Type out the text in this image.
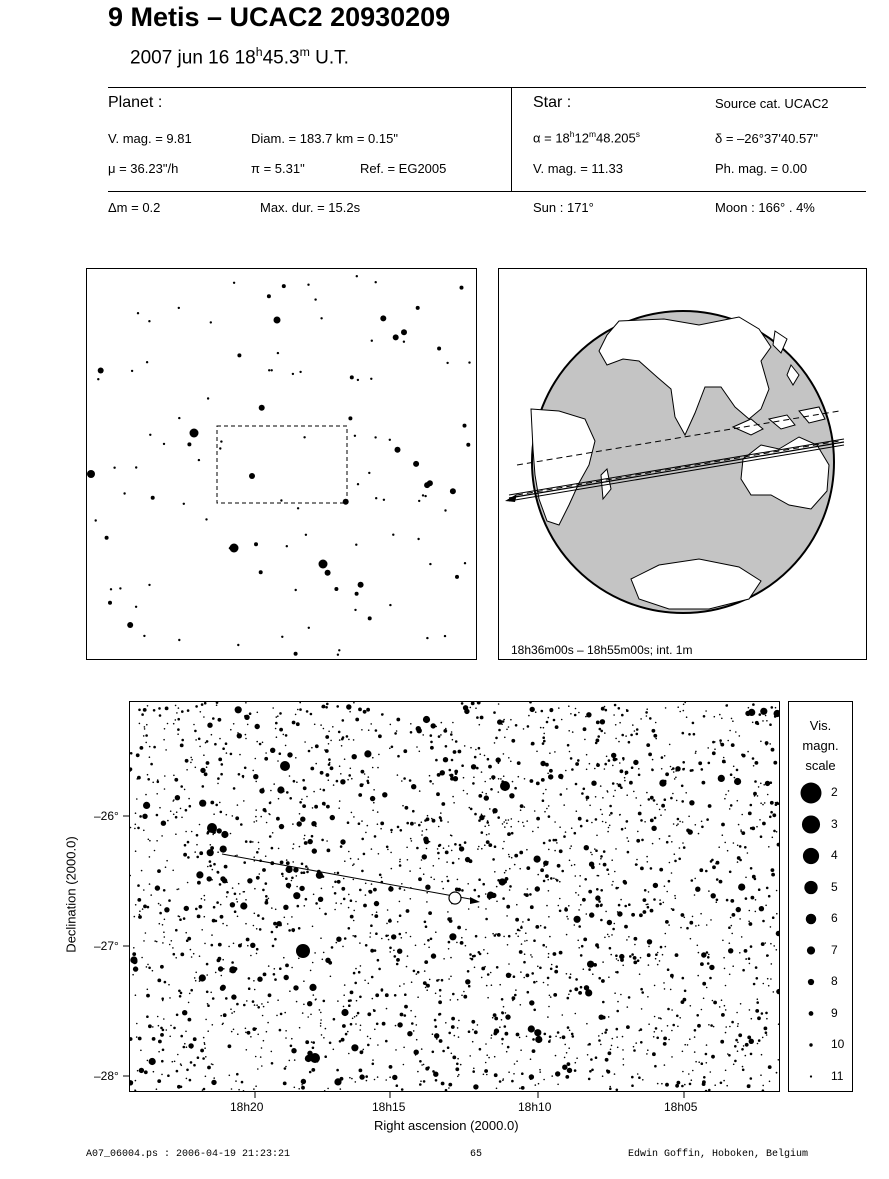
9 Metis – UCAC2 20930209
2007 jun 16 18$^h$45.3$^m$ U.T.
Planet :
V. mag. = 9.81	Diam. = 183.7 km = 0.15"
μ = 36.23"/h	π = 5.31"	Ref. = EG2005
Star :	Source cat. UCAC2
$\alpha = 18^h12^m48.205^s$	δ = –26°37'40.57"
V. mag. = 11.33	Ph. mag. = 0.00
Δm = 0.2	Max. dur. = 15.2s	Sun : 171°	Moon : 166° . 4%
18h36m00s – 18h55m00s; int. 1m
18h20	18h15	18h10	18h05
–26°
–27°
–28°
Right ascension (2000.0)
Declination (2000.0)
Vis.
magn.
scale
2
3
4
5
6
7
8
9
10
11
A07_06004.ps : 2006-04-19 21:23:21	65	Edwin Goffin, Hoboken, Belgium
